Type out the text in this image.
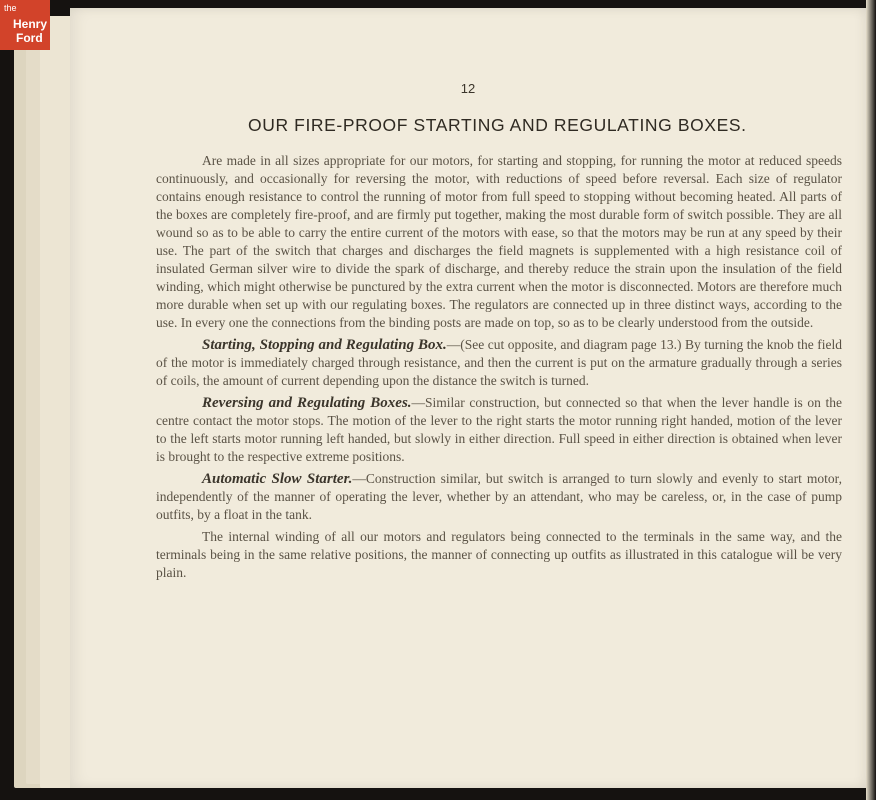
the
Henry
Ford
12
OUR FIRE-PROOF STARTING AND REGULATING BOXES.

Are made in all sizes appropriate for our motors, for starting and stopping, for running the motor at reduced speeds continuously, and occasionally for reversing the motor, with reductions of speed before reversal. Each size of regulator contains enough resistance to control the running of motor from full speed to stopping without becoming heated. All parts of the boxes are completely fire-proof, and are firmly put together, making the most durable form of switch possible. They are all wound so as to be able to carry the entire current of the motors with ease, so that the motors may be run at any speed by their use. The part of the switch that charges and discharges the field magnets is supplemented with a high resistance coil of insulated German silver wire to divide the spark of discharge, and thereby reduce the strain upon the insulation of the field winding, which might otherwise be punctured by the extra current when the motor is disconnected. Motors are therefore much more durable when set up with our regulating boxes. The regulators are connected up in three distinct ways, according to the use. In every one the connections from the binding posts are made on top, so as to be clearly understood from the outside.

Starting, Stopping and Regulating Box.—(See cut opposite, and diagram page 13.) By turning the knob the field of the motor is immediately charged through resistance, and then the current is put on the armature gradually through a series of coils, the amount of current depending upon the distance the switch is turned.

Reversing and Regulating Boxes.—Similar construction, but connected so that when the lever handle is on the centre contact the motor stops. The motion of the lever to the right starts the motor running right handed, motion of the lever to the left starts motor running left handed, but slowly in either direction. Full speed in either direction is obtained when lever is brought to the respective extreme positions.

Automatic Slow Starter.—Construction similar, but switch is arranged to turn slowly and evenly to start motor, independently of the manner of operating the lever, whether by an attendant, who may be careless, or, in the case of pump outfits, by a float in the tank.

The internal winding of all our motors and regulators being connected to the terminals in the same way, and the terminals being in the same relative positions, the manner of connecting up outfits as illustrated in this catalogue will be very plain.
